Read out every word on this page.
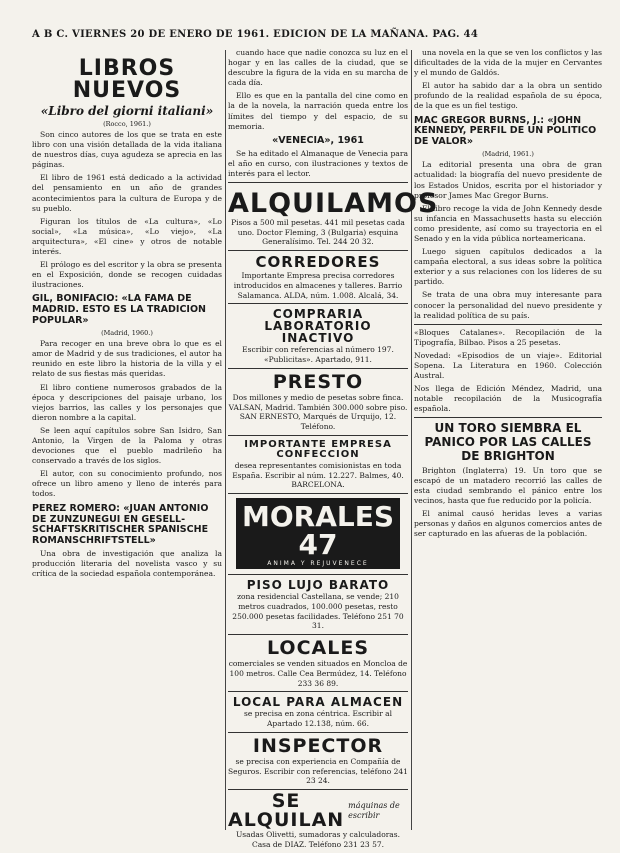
A B C. VIERNES 20 DE ENERO DE 1961. EDICION DE LA MAÑANA. PAG. 44
LIBROS NUEVOS
«Libro del giorni italiani»
(Rocco, 1961.)

Son cinco autores de los que se trata en este libro con una visión detallada de la vida italiana de nuestros días, cuya agudeza se aprecia en las páginas.

El libro de 1961 está dedicado a la actividad del pensamiento en un año de grandes acontecimientos para la cultura de Europa y de su pueblo.

Figuran los títulos de «La cultura», «Lo social», «La música», «Lo viejo», «La arquitectura», «El cine» y otros de notable interés.

El prólogo es del escritor y la obra se presenta en el Exposición, donde se recogen cuidadas ilustraciones.

GIL, BONIFACIO: «LA FAMA DE MADRID. ESTO ES LA TRADICION POPULAR»
(Madrid, 1960.)

Para recoger en una breve obra lo que es el amor de Madrid y de sus tradiciones, el autor ha reunido en este libro la historia de la villa y el relato de sus fiestas más queridas.

El libro contiene numerosos grabados de la época y descripciones del paisaje urbano, los viejos barrios, las calles y los personajes que dieron nombre a la capital.

Se leen aquí capítulos sobre San Isidro, San Antonio, la Virgen de la Paloma y otras devociones que el pueblo madrileño ha conservado a través de los siglos.

El autor, con su conocimiento profundo, nos ofrece un libro ameno y lleno de interés para todos.

PEREZ ROMERO: «JUAN ANTONIO DE ZUNZUNEGUI EN GESELL-SCHAFTSKRITISCHER SPANISCHE ROMANSCHRIFTSTELL»

Una obra de investigación que analiza la producción literaria del novelista vasco y su crítica de la sociedad española contemporánea.

cuando hace que nadie conozca su luz en el hogar y en las calles de la ciudad, que se descubre la figura de la vida en su marcha de cada día.

Ello es que en la pantalla del cine como en la de la novela, la narración queda entre los límites del tiempo y del espacio, de su memoria.

«VENECIA», 1961

Se ha editado el Almanaque de Venecia para el año en curso, con ilustraciones y textos de interés para el lector.

ALQUILAMOS

Pisos a 500 mil pesetas. 441 mil pesetas cada uno. Doctor Fleming, 3 (Bulgaria) esquina Generalísimo. Tel. 244 20 32.

CORREDORES

Importante Empresa precisa corredores introducidos en almacenes y talleres. Barrio Salamanca. ALDA, núm. 1.008. Alcalá, 34.

COMPRARIA LABORATORIO INACTIVO

Escribir con referencias al número 197. «Publicitas». Apartado, 911.

PRESTO

Dos millones y medio de pesetas sobre finca. VALSAN, Madrid. También 300.000 sobre piso. SAN ERNESTO, Marqués de Urquijo, 12. Teléfono.

IMPORTANTE EMPRESA CONFECCION

desea representantes comisionistas en toda España. Escribir al núm. 12.227. Balmes, 40. BARCELONA.

MORALES 47
ANIMA Y REJUVENECE
PISO LUJO BARATO

zona residencial Castellana, se vende; 210 metros cuadrados, 100.000 pesetas, resto 250.000 pesetas facilidades. Teléfono 251 70 31.

LOCALES

comerciales se venden situados en Moncloa de 100 metros. Calle Cea Bermúdez, 14. Teléfono 233 36 89.

LOCAL PARA ALMACEN

se precisa en zona céntrica. Escribir al Apartado 12.138, núm. 66.

INSPECTOR

se precisa con experiencia en Compañía de Seguros. Escribir con referencias, teléfono 241 23 24.

SE ALQUILAN
máquinas de escribir

Usadas Olivetti, sumadoras y calculadoras. Casa de DIAZ. Teléfono 231 23 57.

una novela en la que se ven los conflictos y las dificultades de la vida de la mujer en Cervantes y el mundo de Galdós.

El autor ha sabido dar a la obra un sentido profundo de la realidad española de su época, de la que es un fiel testigo.

MAC GREGOR BURNS, J.: «JOHN KENNEDY, PERFIL DE UN POLITICO DE VALOR»
(Madrid, 1961.)

La editorial presenta una obra de gran actualidad: la biografía del nuevo presidente de los Estados Unidos, escrita por el historiador y profesor James Mac Gregor Burns.

El libro recoge la vida de John Kennedy desde su infancia en Massachusetts hasta su elección como presidente, así como su trayectoria en el Senado y en la vida pública norteamericana.

Luego siguen capítulos dedicados a la campaña electoral, a sus ideas sobre la política exterior y a sus relaciones con los líderes de su partido.

Se trata de una obra muy interesante para conocer la personalidad del nuevo presidente y la realidad política de su país.

«Bloques Catalanes». Recopilación de la Tipografía, Bilbao. Pisos a 25 pesetas.

Novedad: «Episodios de un viaje». Editorial Sopena. La Literatura en 1960. Colección Austral.

Nos llega de Edición Méndez, Madrid, una notable recopilación de la Musicografía española.

UN TORO SIEMBRA EL PANICO POR LAS CALLES DE BRIGHTON

Brighton (Inglaterra) 19. Un toro que se escapó de un matadero recorrió las calles de esta ciudad sembrando el pánico entre los vecinos, hasta que fue reducido por la policía.

El animal causó heridas leves a varias personas y daños en algunos comercios antes de ser capturado en las afueras de la población.
